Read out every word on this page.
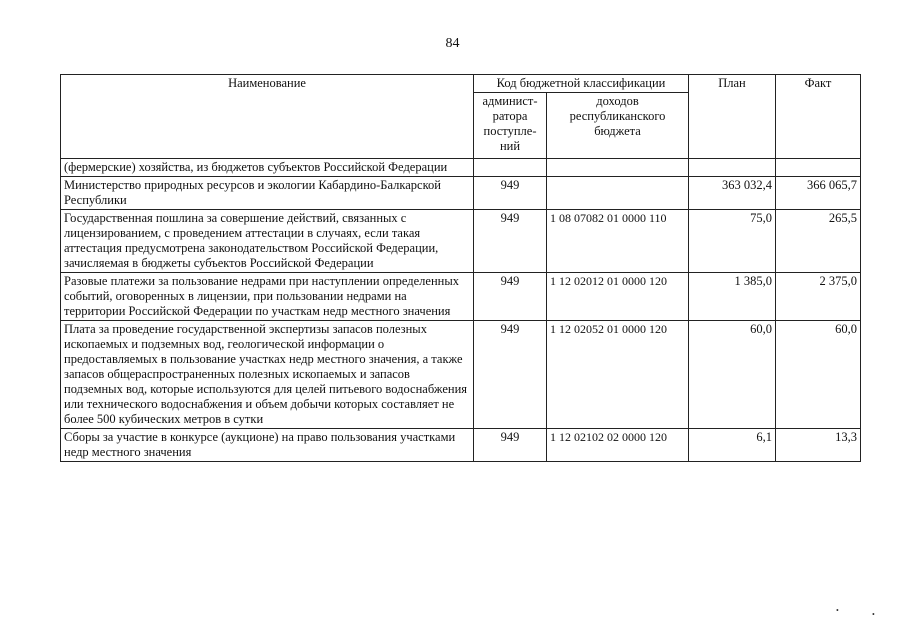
84
Наименование	Код бюджетной классификации		План	Факт
	админист-ратора поступле-ний	доходов республиканского бюджета		
(фермерские) хозяйства, из бюджетов субъектов Российской Федерации				
Министерство природных ресурсов и экологии Кабардино-Балкарской Республики	949		363 032,4	366 065,7
Государственная пошлина за совершение действий, связанных с лицензированием, с проведением аттестации в случаях, если такая аттестация предусмотрена законодательством Российской Федерации, зачисляемая в бюджеты субъектов Российской Федерации	949	1 08 07082 01 0000 110	75,0	265,5
Разовые платежи за пользование недрами при наступлении определенных событий, оговоренных в лицензии, при пользовании недрами на территории Российской Федерации по участкам недр местного значения	949	1 12 02012 01 0000 120	1 385,0	2 375,0
Плата за проведение государственной экспертизы запасов полезных ископаемых и подземных вод, геологической информации о предоставляемых в пользование участках недр местного значения, а также запасов общераспространенных полезных ископаемых и запасов подземных вод, которые используются для целей питьевого водоснабжения или технического водоснабжения и объем добычи которых составляет не более 500 кубических метров в сутки	949	1 12 02052 01 0000 120	60,0	60,0
Сборы за участие в конкурсе (аукционе) на право пользования участками недр местного значения	949	1 12 02102 02 0000 120	6,1	13,3
•	•
